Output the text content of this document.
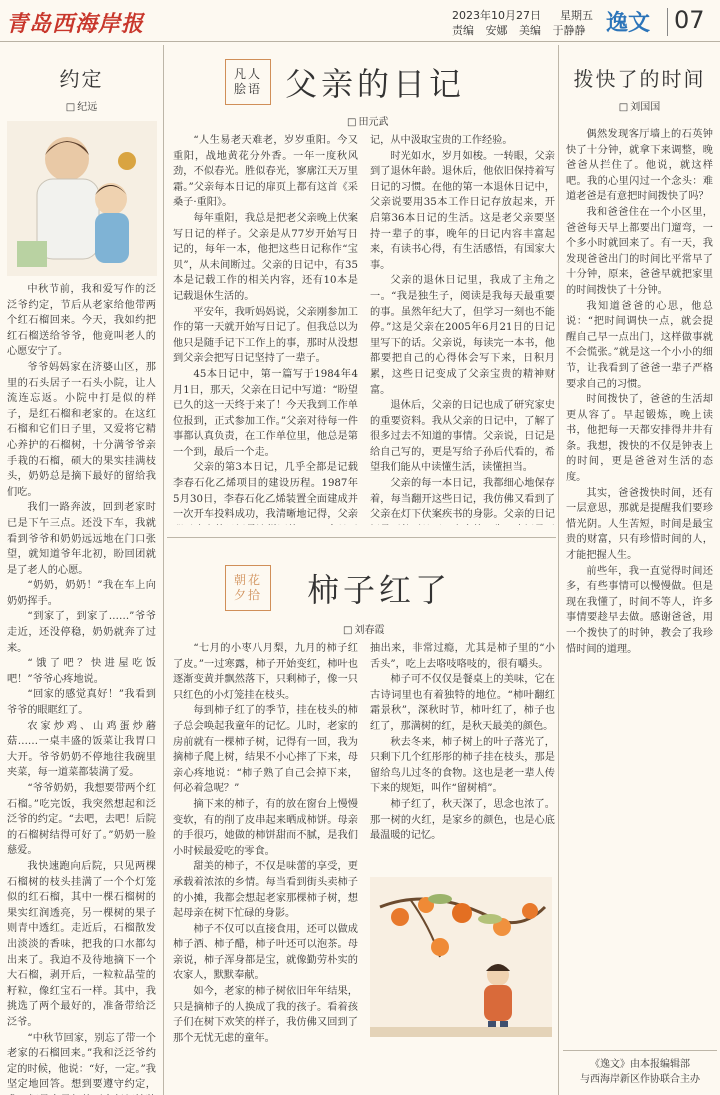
青岛西海岸报	2023年10月27日 星期五
责编 安娜 美编 于静静 逸文 07
约定
□ 纪远

中秋节前，我和爱写作的泛泛爷约定，节后从老家给他带两个红石榴回来。今天，我如约把红石榴送给爷爷，他竟叫老人的心愿安宁了。

爷爷妈妈家在济婆山区，那里的石头居子一石头小院，让人流连忘返。小院中打是似的样子，是红石榴和老家的。在这红石榴和它们日子里，又爱将它精心养护的石榴树，十分满爷爷亲手栽的石榴，硕大的果实挂满枝头，奶奶总是摘下最好的留给我们吃。

我们一路奔波，回到老家时已是下午三点。还没下车，我就看到爷爷和奶奶远远地在门口张望，就知道爷年北初，盼回团就是了老人的心愿。

“奶奶，奶奶！”我在车上向奶奶挥手。

“到家了，到家了……”爷爷走近，还没停稳，奶奶就奔了过来。

“饿了吧？快进屋吃饭吧！”爷爷心疼地说。

“回家的感觉真好！”我看到爷爷的眼眶红了。

农家炒鸡、山鸡蛋炒蘑菇……一桌丰盛的饭菜让我胃口大开。爷爷奶奶不停地往我碗里夹菜，每一道菜都装满了爱。

“爷爷奶奶，我想要带两个红石榴。”吃完饭，我突然想起和泛泛爷的约定。“去吧，去吧！后院的石榴树结得可好了。”奶奶一脸慈爱。

我快速跑向后院，只见两棵石榴树的枝头挂满了一个个灯笼似的红石榴，其中一棵石榴树的果实红润透亮，另一棵树的果子则青中透红。走近后，石榴散发出淡淡的香味，把我的口水都勾出来了。我迫不及待地摘下一个大石榴，剥开后，一粒粒晶莹的籽粒，像红宝石一样。其中，我挑选了两个最好的，准备带给泛泛爷。

“中秋节回家，别忘了带一个老家的石榴回来。”我和泛泛爷约定的时候，他说：“好，一定。”我坚定地回答。想到要遵守约定，

凡人
脍语 父亲的日记
□ 田元武

“人生易老天难老，岁岁重阳。今又重阳，战地黄花分外香。一年一度秋风劲，不似春光。胜似春光，寥廓江天万里霜。”父亲每本日记的扉页上都有这首《采桑子·重阳》。

每年重阳，我总是把老父亲晚上伏案写日记的样子。父亲是从77岁开始写日记的，每年一本，他把这些日记称作“宝贝”，从未间断过。父亲的日记中，有35本是记载工作的相关内容，还有10本是记载退休生活的。

平安年，我听妈妈说，父亲刚参加工作的第一天就开始写日记了。但我总以为他只是随手记下工作上的事，那时从没想到父亲会把写日记坚持了一辈子。

45本日记中，第一篇写于1984年4月1日，那天，父亲在日记中写道：“盼望已久的这一天终于来了！今天我到工作单位报到，正式参加工作。”父亲对待每一件事都认真负责，在工作单位里，他总是第一个到，最后一个走。

父亲的第3本日记，几乎全都是记载李春石化乙烯项目的建设历程。1987年5月30日，李春石化乙烯装置全面建成并一次开车投料成功，我清晰地记得，父亲

记，从中汲取宝贵的工作经验。

时光如水，岁月如梭。一转眼，父亲到了退休年龄。退休后，他依旧保持着写日记的习惯。在他的第一本退休日记中，父亲说要用35本工作日记存放起来，开启第36本日记的生活。这是老父亲要坚持一辈子的事，晚年的日记内容丰富起来，有读书心得，有生活感悟，有国家大事。

父亲的退休日记里，我成了主角之一。“我是独生子，阅读是我每天最重要的事。虽然年纪大了，但学习一刻也不能停。”这是父亲在2005年6月21日的日记里写下的话。父亲说，每读完一本书，他都要把自己的心得体会写下来，日积月累，这些日记变成了父亲宝贵的精神财富。

退休后，父亲的日记也成了研究家史的重要资料。我从父亲的日记中，了解了很多过去不知道的事情。父亲说，日记是给自己写的，更是写给子孙后代看的，希望我们能从中读懂生活，读懂担当。

父亲的每一本日记，我都细心地保存着，每当翻开这些日记，我仿佛又看到了父亲在灯下伏案疾书的身影。父亲的日记

朝花
夕拾 柿子红了
□ 刘春霞

“七月的小枣八月梨，九月的柿子红了皮。”一过寒露，柿子开始变红，柿叶也逐渐变黄并飘然落下，只剩柿子，像一只只红色的小灯笼挂在枝头。

每到柿子红了的季节，挂在枝头的柿子总会唤起我童年的记忆。儿时，老家的房前就有一棵柿子树，记得有一回，我为摘柿子爬上树，结果不小心摔了下来，母亲心疼地说：“柿子熟了自己会掉下来，何必着急呢？”

摘下来的柿子，有的放在窗台上慢慢变软，有的削了皮串起来晒成柿饼。母亲的手很巧，她做的柿饼甜而不腻，是我们小时候最爱吃的零食。

甜美的柿子，不仅是味蕾的享受，更承载着浓浓的乡情。每当看到街头卖柿子的小摊，我都会想起老家那棵柿子树，想起母亲在树下忙碌的身影。

柿子不仅可以直接食用，还可以做成柿子酒、柿子醋，柿子叶还可以泡茶。母亲说，柿子浑身都是宝，就像勤劳朴实的农家人，默默奉献。

如今，老家的柿子树依旧年年结果，只是摘柿子的人换成了我的孩子。看着孩子们在树下欢笑的样子，我仿佛又回到了那个无忧无虑的童年。

抽出来，非常过瘾，尤其是柿子里的“小舌头”，吃上去咯吱咯吱的，很有嚼头。

柿子可不仅仅是餐桌上的美味，它在古诗词里也有着独特的地位。“柿叶翻红霜景秋”，深秋时节，柿叶红了，柿子也红了，那满树的红，是秋天最美的颜色。

秋去冬来，柿子树上的叶子落光了，只剩下几个红彤彤的柿子挂在枝头，那是留给鸟儿过冬的食物。这也是老一辈人传下来的规矩，叫作“留树梢”。

柿子红了，秋天深了，思念也浓了。那一树的火红，是家乡的颜色，也是心底最温暖的记忆。

拨快了的时间
□ 刘国国

偶然发现客厅墙上的石英钟快了十分钟，就拿下来调整，晚爸爸从拦住了。他说，就这样吧。我的心里闪过一个念头：难道老爸是有意把时间拨快了吗？

我和爸爸住在一个小区里，爸爸每天早上都要出门遛弯，一个多小时就回来了。有一天，我发现爸爸出门的时间比平常早了十分钟，原来，爸爸早就把家里的时间拨快了十分钟。

我知道爸爸的心思，他总说：“把时间调快一点，就会提醒自己早一点出门，这样做事就不会慌张。”就是这一个小小的细节，让我看到了爸爸一辈子严格要求自己的习惯。

时间拨快了，爸爸的生活却更从容了。早起锻炼，晚上读书，他把每一天都安排得井井有条。我想，拨快的不仅是钟表上的时间，更是爸爸对生活的态度。

其实，爸爸拨快时间，还有一层意思，那就是提醒我们要珍惜光阴。人生苦短，时间是最宝贵的财富，只有珍惜时间的人，才能把握人生。

前些年，我一直觉得时间还多，有些事情可以慢慢做。但是现在我懂了，时间不等人，许多事情要趁早去做。感谢爸爸，用一个拨快了的时钟，教会了我珍惜时间的道理。

《逸文》由本报编辑部
与西海岸新区作协联合主办
